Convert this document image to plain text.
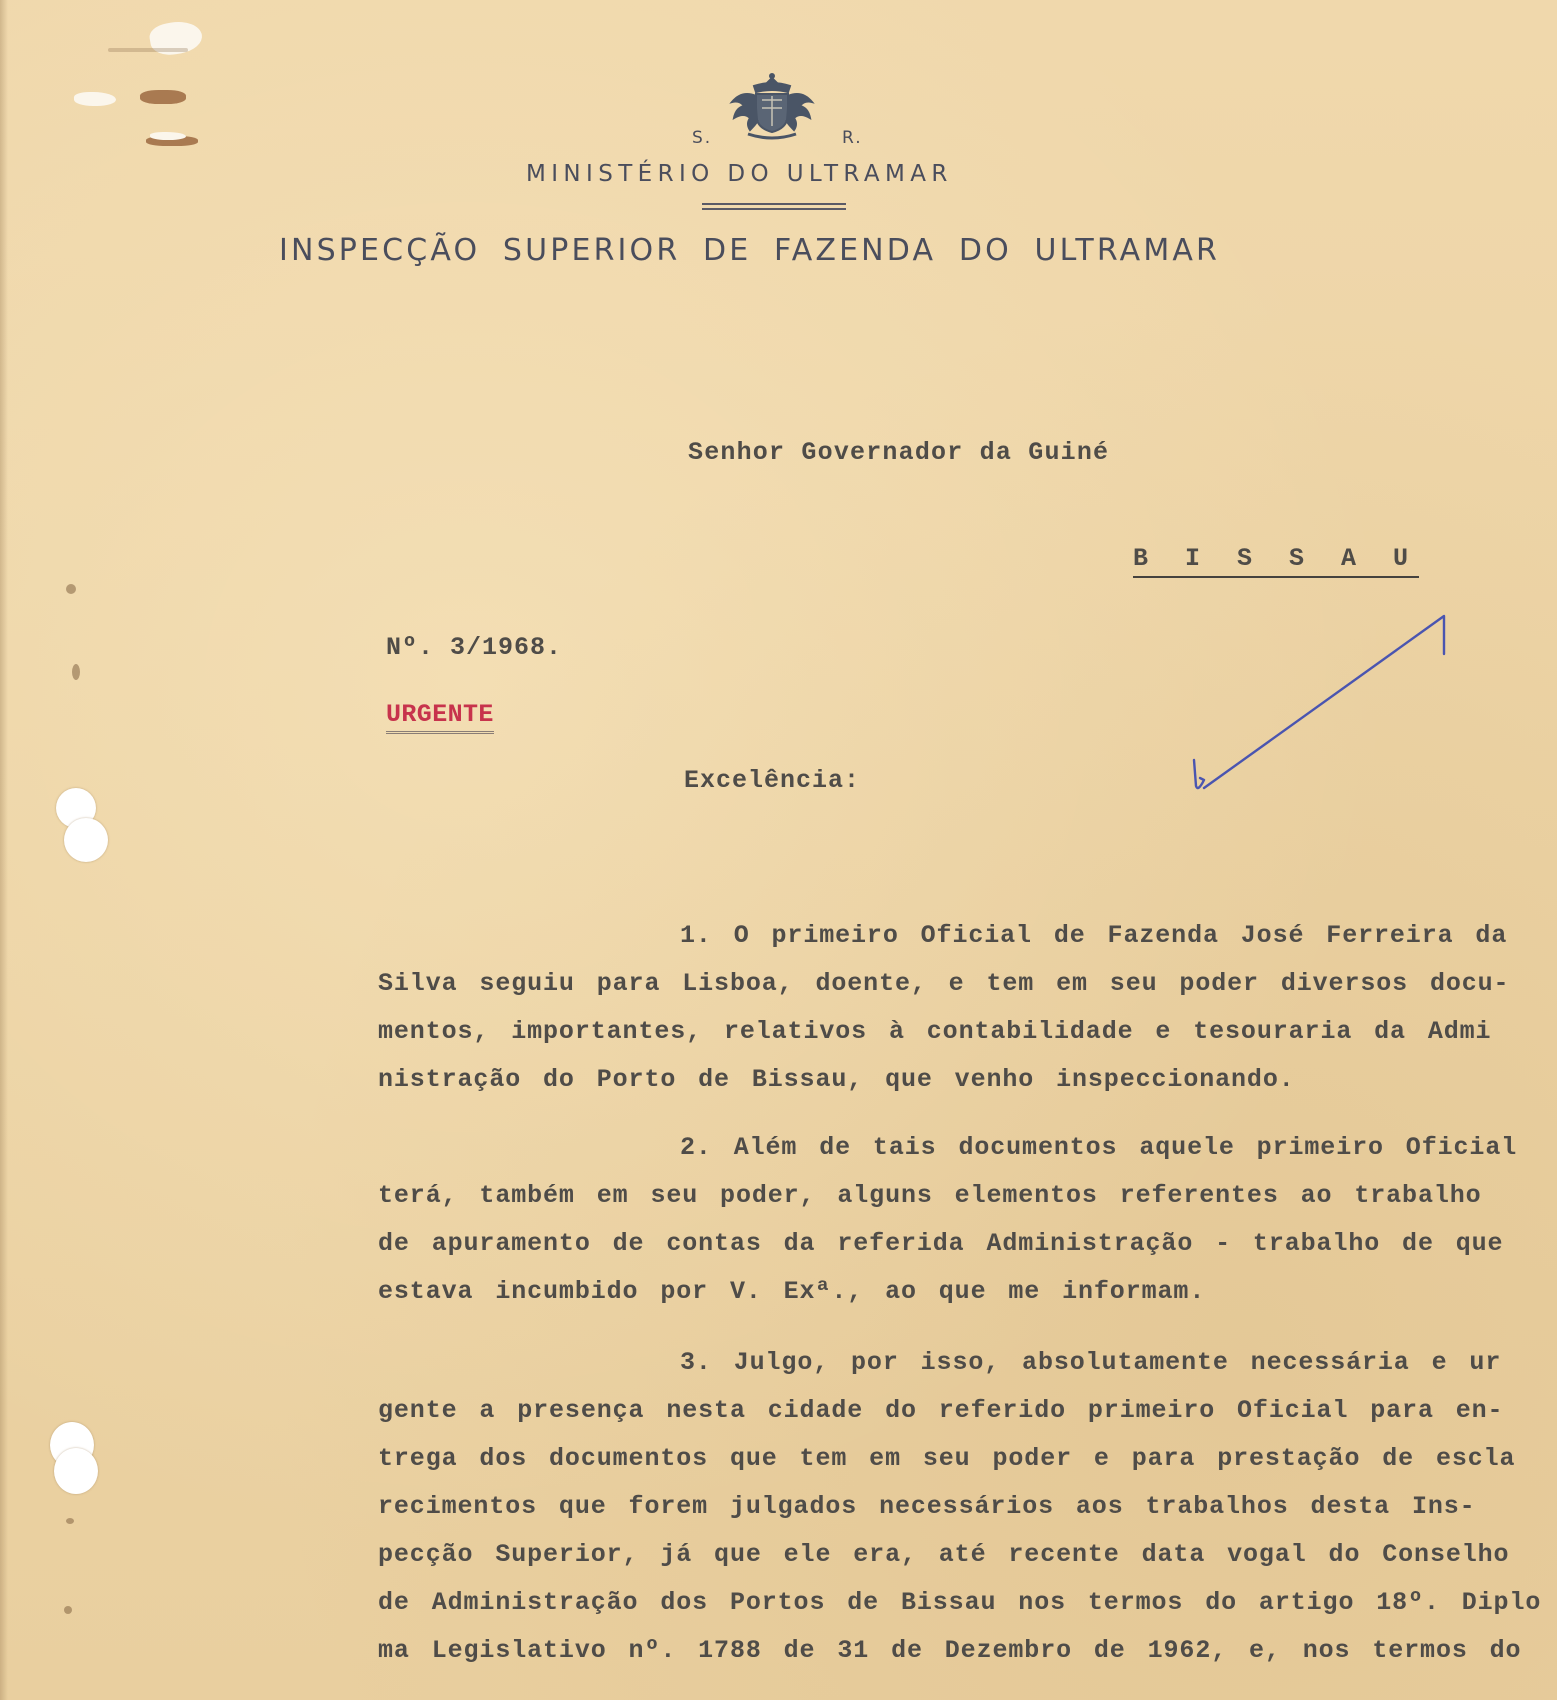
S.	R.
MINISTÉRIO DO ULTRAMAR
INSPECÇÃO SUPERIOR DE FAZENDA DO ULTRAMAR
Senhor Governador da Guiné
B I S S A U
Nº. 3/1968.
URGENTE
Excelência:
1. O primeiro Oficial de Fazenda José Ferreira da
Silva seguiu para Lisboa, doente, e tem em seu poder diversos docu-
mentos, importantes, relativos à contabilidade e tesouraria da Admi
nistração do Porto de Bissau, que venho inspeccionando.
2. Além de tais documentos aquele primeiro Oficial
terá, também em seu poder, alguns elementos referentes ao trabalho
de apuramento de contas da referida Administração - trabalho de que
estava incumbido por V. Exª., ao que me informam.
3. Julgo, por isso, absolutamente necessária e ur
gente a presença nesta cidade do referido primeiro Oficial para en-
trega dos documentos que tem em seu poder e para prestação de escla
recimentos que forem julgados necessários aos trabalhos desta Ins-
pecção Superior, já que ele era, até recente data vogal do Conselho
de Administração dos Portos de Bissau nos termos do artigo 18º. Diplo
ma Legislativo nº. 1788 de 31 de Dezembro de 1962, e, nos termos do
